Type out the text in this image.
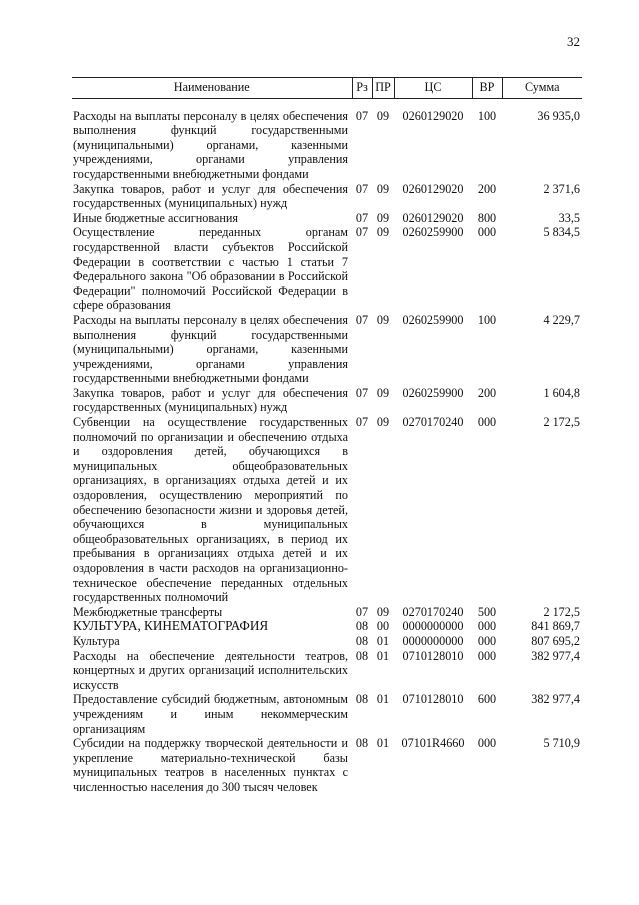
32
Наименование	Рз	ПР	ЦС	ВР	Сумма
Расходы на выплаты персоналу в целях обеспечения выполнения функций государственными (муниципальными) органами, казенными учреждениями, органами управления государственными внебюджетными фондами	07	09	0260129020	100	36 935,0
Закупка товаров, работ и услуг для обеспечения государственных (муниципальных) нужд	07	09	0260129020	200	2 371,6
Иные бюджетные ассигнования	07	09	0260129020	800	33,5
Осуществление переданных органам государственной власти субъектов Российской Федерации в соответствии с частью 1 статьи 7 Федерального закона "Об образовании в Российской Федерации" полномочий Российской Федерации в сфере образования	07	09	0260259900	000	5 834,5
Расходы на выплаты персоналу в целях обеспечения выполнения функций государственными (муниципальными) органами, казенными учреждениями, органами управления государственными внебюджетными фондами	07	09	0260259900	100	4 229,7
Закупка товаров, работ и услуг для обеспечения государственных (муниципальных) нужд	07	09	0260259900	200	1 604,8
Субвенции на осуществление государственных полномочий по организации и обеспечению отдыха и оздоровления детей, обучающихся в муниципальных общеобразовательных организациях, в организациях отдыха детей и их оздоровления, осуществлению мероприятий по обеспечению безопасности жизни и здоровья детей, обучающихся в муниципальных общеобразовательных организациях, в период их пребывания в организациях отдыха детей и их оздоровления в части расходов на организационно-техническое обеспечение переданных отдельных государственных полномочий	07	09	0270170240	000	2 172,5
Межбюджетные трансферты	07	09	0270170240	500	2 172,5
КУЛЬТУРА, КИНЕМАТОГРАФИЯ	08	00	0000000000	000	841 869,7
Культура	08	01	0000000000	000	807 695,2
Расходы на обеспечение деятельности театров, концертных и других организаций исполнительских искусств	08	01	0710128010	000	382 977,4
Предоставление субсидий бюджетным, автономным учреждениям и иным некоммерческим организациям	08	01	0710128010	600	382 977,4
Субсидии на поддержку творческой деятельности и укрепление материально-технической базы муниципальных театров в населенных пунктах с численностью населения до 300 тысяч человек	08	01	07101R4660	000	5 710,9
